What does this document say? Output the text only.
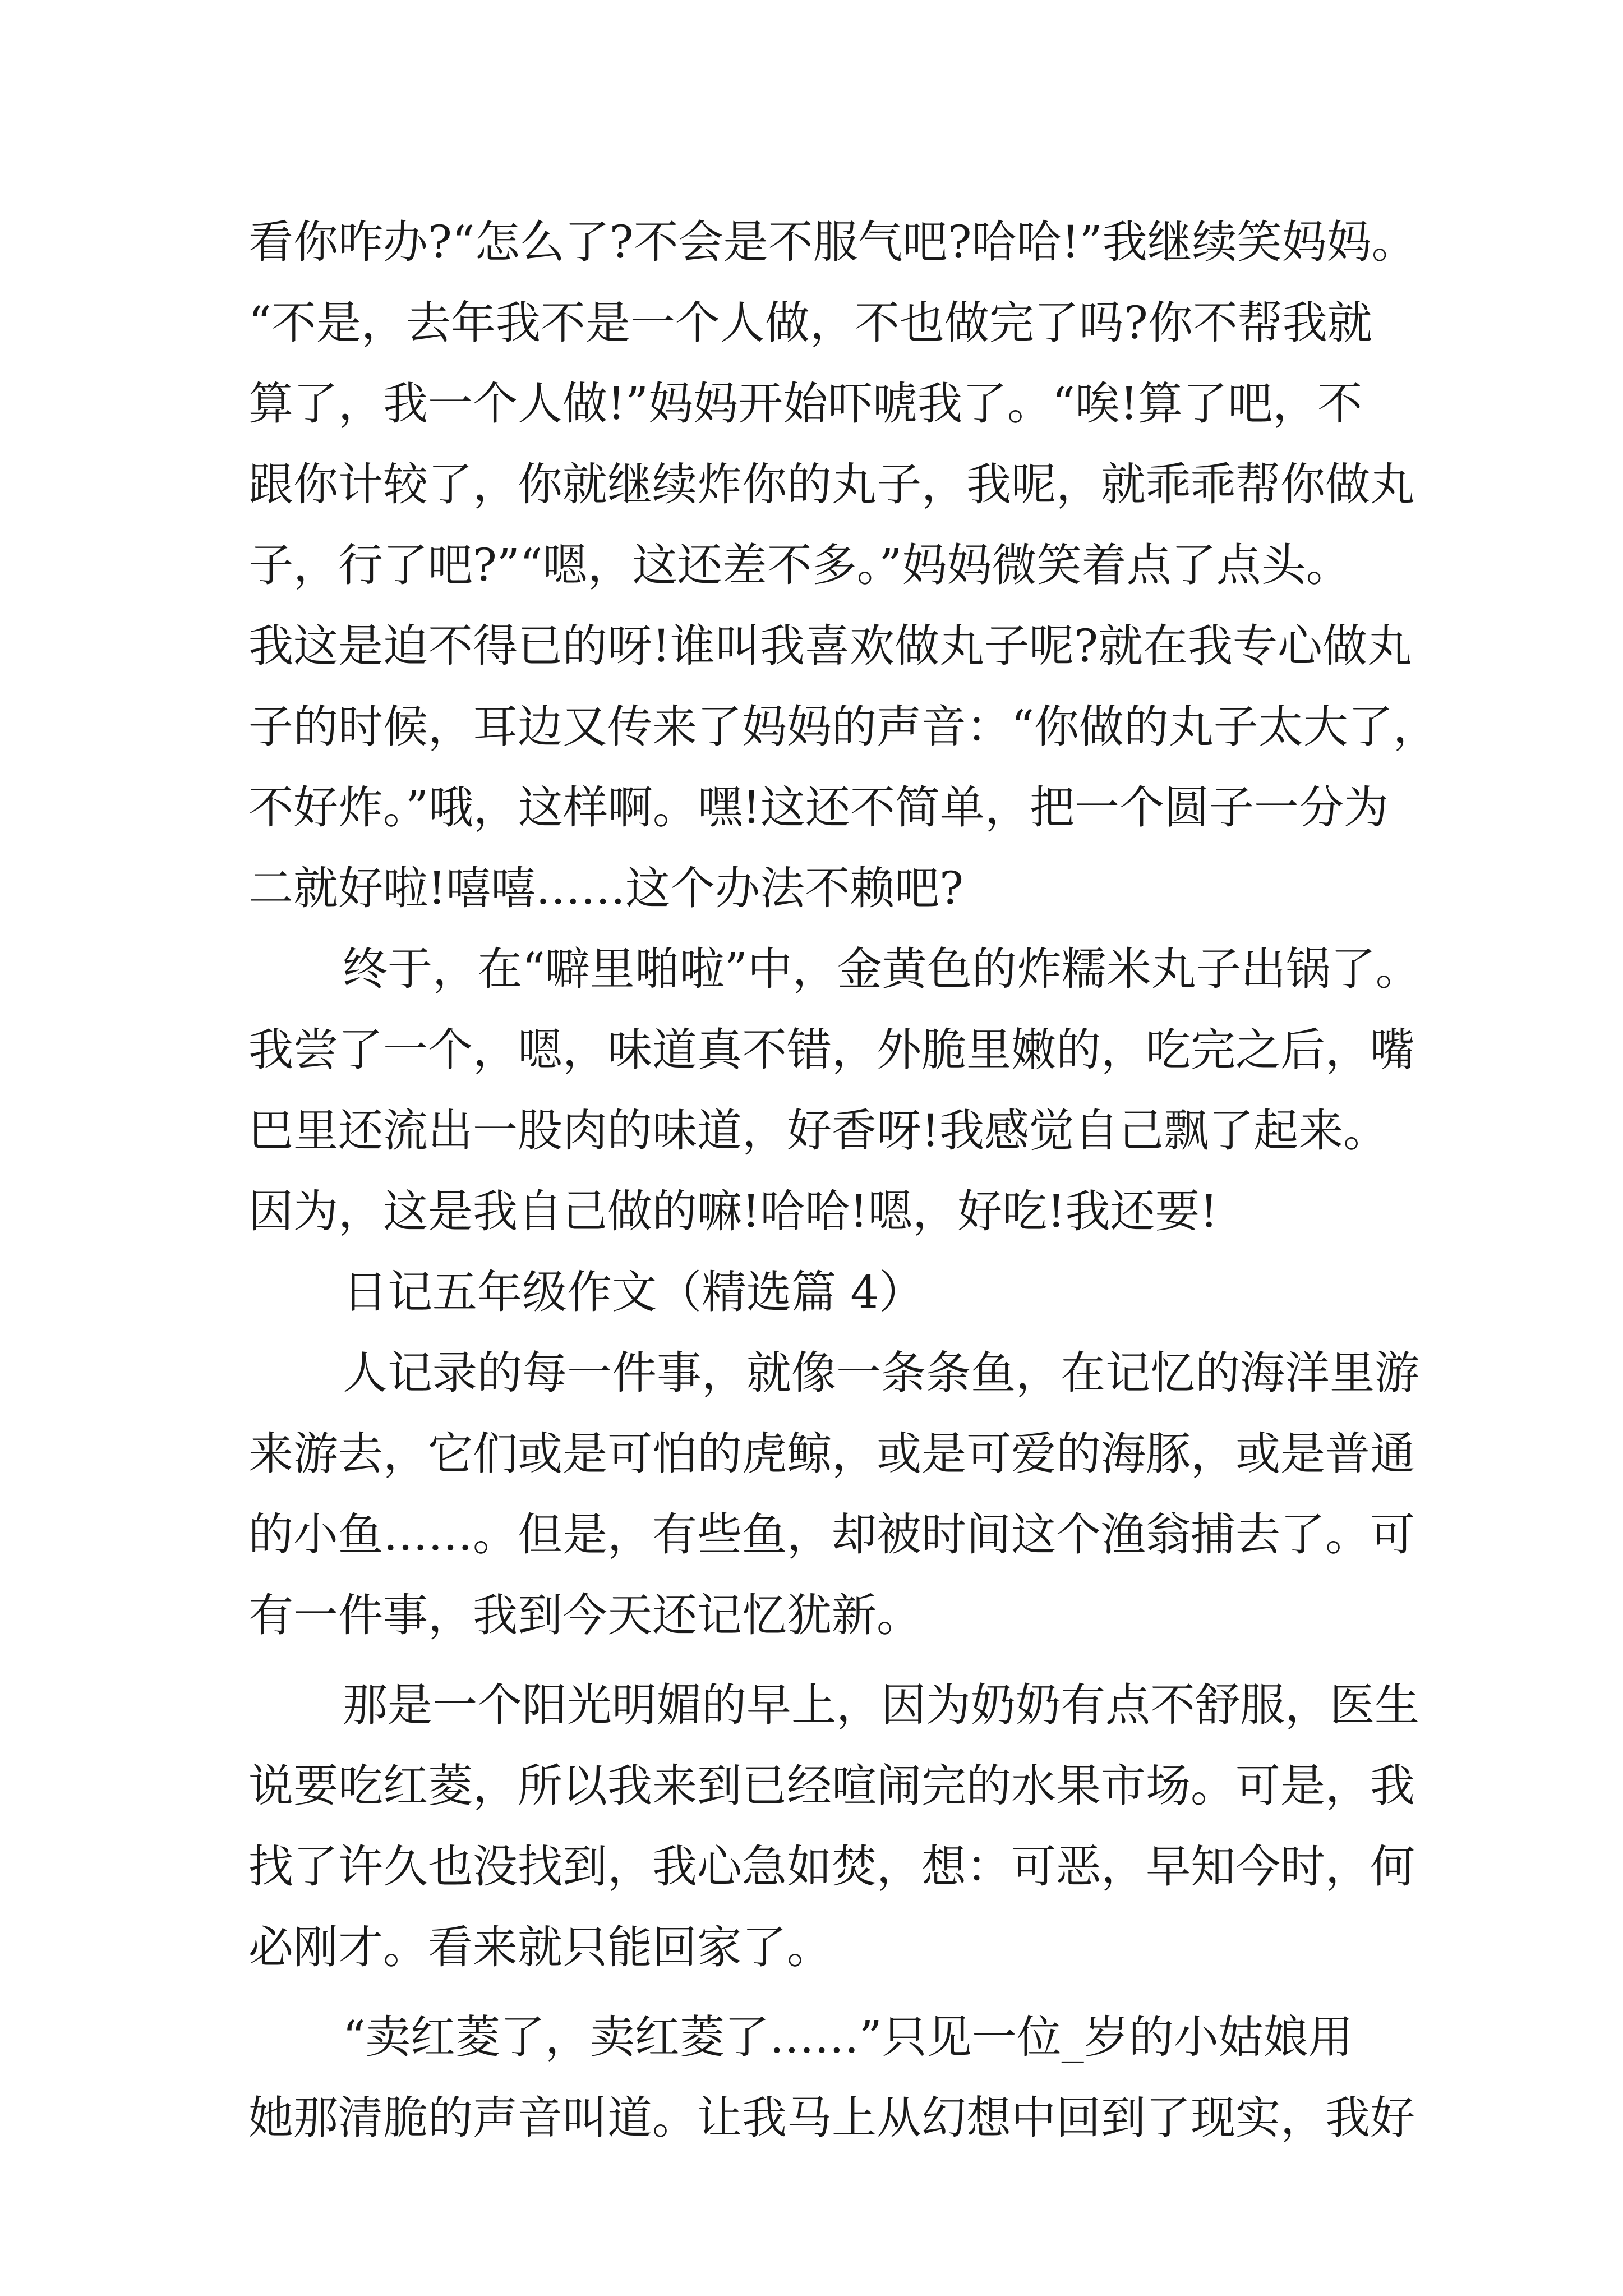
看你咋办?“怎么了?不会是不服气吧?哈哈!”我继续笑妈妈。
“不是，去年我不是一个人做，不也做完了吗?你不帮我就
算了，我一个人做!”妈妈开始吓唬我了。“唉!算了吧，不
跟你计较了，你就继续炸你的丸子，我呢，就乖乖帮你做丸
子，行了吧?”“嗯，这还差不多。”妈妈微笑着点了点头。
我这是迫不得已的呀!谁叫我喜欢做丸子呢?就在我专心做丸
子的时候，耳边又传来了妈妈的声音：“你做的丸子太大了，
不好炸。”哦，这样啊。嘿!这还不简单，把一个圆子一分为
二就好啦!嘻嘻……这个办法不赖吧?
终于，在“噼里啪啦”中，金黄色的炸糯米丸子出锅了。
我尝了一个，嗯，味道真不错，外脆里嫩的，吃完之后，嘴
巴里还流出一股肉的味道，好香呀!我感觉自己飘了起来。
因为，这是我自己做的嘛!哈哈!嗯，好吃!我还要!
日记五年级作文（精选篇 4）
人记录的每一件事，就像一条条鱼，在记忆的海洋里游
来游去，它们或是可怕的虎鲸，或是可爱的海豚，或是普通
的小鱼……。但是，有些鱼，却被时间这个渔翁捕去了。可
有一件事，我到今天还记忆犹新。
那是一个阳光明媚的早上，因为奶奶有点不舒服，医生
说要吃红菱，所以我来到已经喧闹完的水果市场。可是，我
找了许久也没找到，我心急如焚，想：可恶，早知今时，何
必刚才。看来就只能回家了。
“卖红菱了，卖红菱了……”只见一位_岁的小姑娘用
她那清脆的声音叫道。让我马上从幻想中回到了现实，我好
